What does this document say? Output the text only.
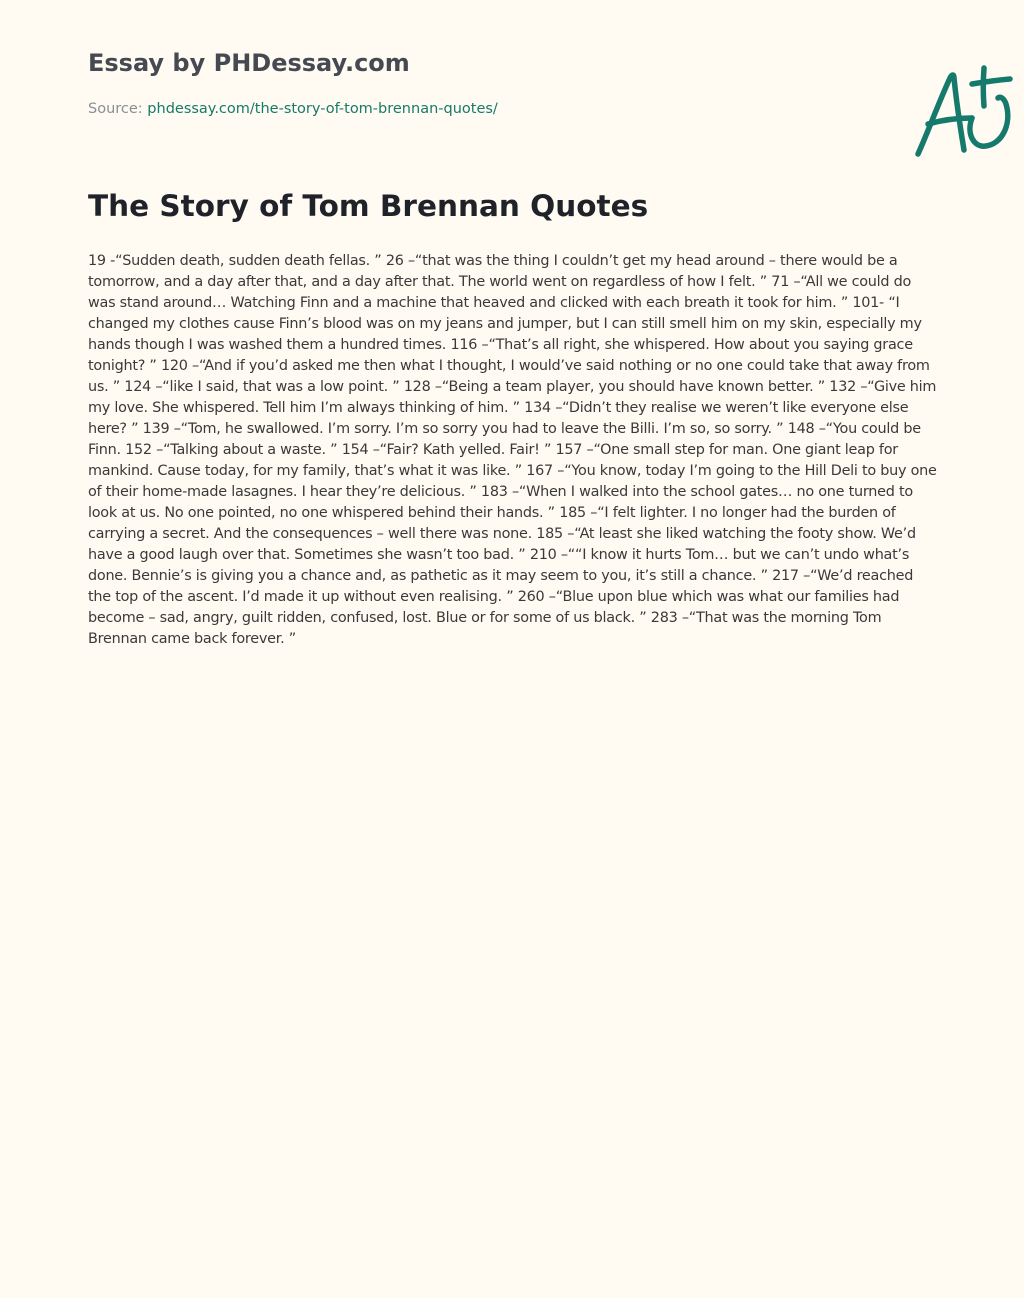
Essay by PHDessay.com
Source: phdessay.com/the-story-of-tom-brennan-quotes/
The Story of Tom Brennan Quotes

19 -“Sudden death, sudden death fellas. ” 26 –“that was the thing I couldn’t get my head around – there would be a tomorrow, and a day after that, and a day after that. The world went on regardless of how I felt. ” 71 –“All we could do was stand around… Watching Finn and a machine that heaved and clicked with each breath it took for him. ” 101- “I changed my clothes cause Finn’s blood was on my jeans and jumper, but I can still smell him on my skin, especially my hands though I was washed them a hundred times. 116 –“That’s all right, she whispered. How about you saying grace tonight? ” 120 –“And if you’d asked me then what I thought, I would’ve said nothing or no one could take that away from us. ” 124 –“like I said, that was a low point. ” 128 –“Being a team player, you should have known better. ” 132 –“Give him my love. She whispered. Tell him I’m always thinking of him. ” 134 –“Didn’t they realise we weren’t like everyone else here? ” 139 –“Tom, he swallowed. I’m sorry. I’m so sorry you had to leave the Billi. I’m so, so sorry. ” 148 –“You could be Finn. 152 –“Talking about a waste. ” 154 –“Fair? Kath yelled. Fair! ” 157 –“One small step for man. One giant leap for mankind. Cause today, for my family, that’s what it was like. ” 167 –“You know, today I’m going to the Hill Deli to buy one of their home-made lasagnes. I hear they’re delicious. ” 183 –“When I walked into the school gates… no one turned to look at us. No one pointed, no one whispered behind their hands. ” 185 –“I felt lighter. I no longer had the burden of carrying a secret. And the consequences – well there was none. 185 –“At least she liked watching the footy show. We’d have a good laugh over that. Sometimes she wasn’t too bad. ” 210 –““I know it hurts Tom… but we can’t undo what’s done. Bennie’s is giving you a chance and, as pathetic as it may seem to you, it’s still a chance. ” 217 –“We’d reached the top of the ascent. I’d made it up without even realising. ” 260 –“Blue upon blue which was what our families had become – sad, angry, guilt ridden, confused, lost. Blue or for some of us black. ” 283 –“That was the morning Tom Brennan came back forever. ”
